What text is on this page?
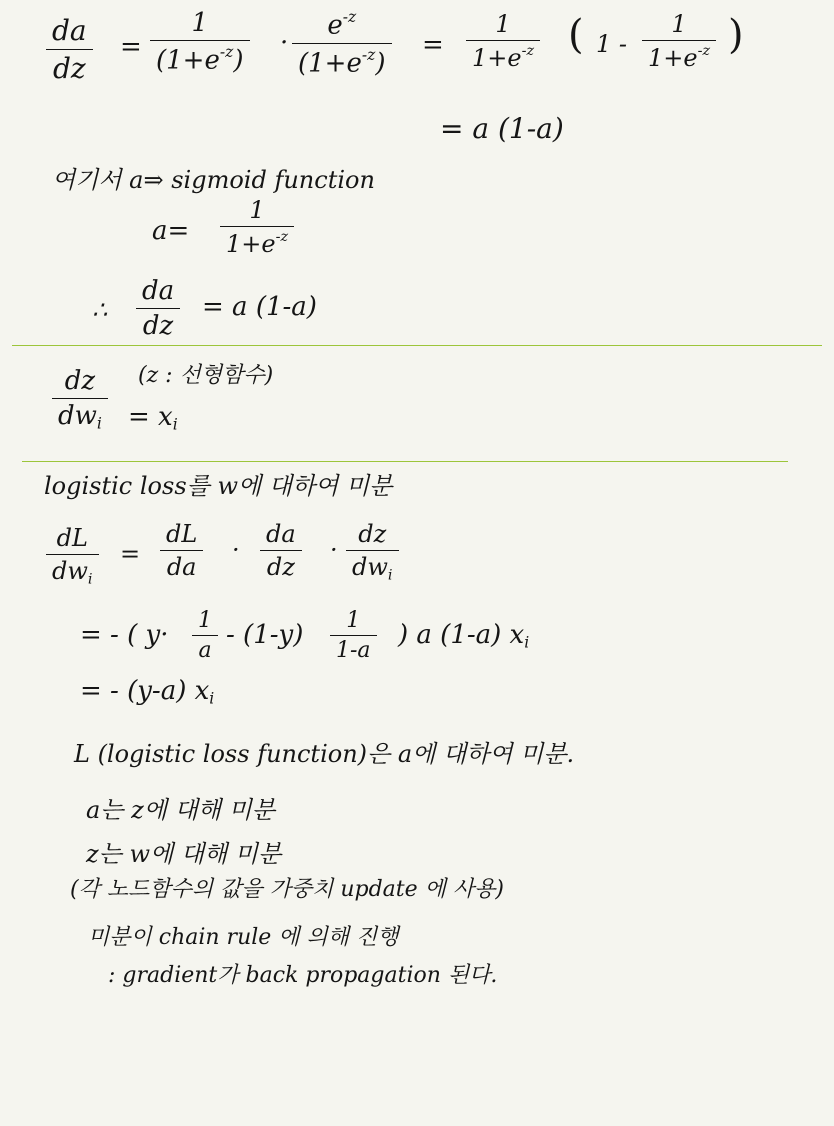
da
dz
=
1
$(1+e^{-z})$
·
$e^{-z}$
$(1+e^{-z})$
=
1
$1+e^{-z}$ ( 1 -
1
$1+e^{-z}$ )
= a (1-a)
여기서 a⇒ sigmoid function
a=
1
$1+e^{-z}$
∴
da
dz
= a (1-a)
(z : 선형함수)
dz
$dw_i = x_i$
logistic loss를 w에 대하여 미분
dL
$dw_i$
=
dL
da
·
da
dz
·
dz
$dw_i$
= - ( y· 1
a
- (1-y) 1
1-a
) a (1-a) $x_i$
= - (y-a) $x_i$
L (logistic loss function)은 a에 대하여 미분.
a는 z에 대해 미분
z는 w에 대해 미분
(각 노드함수의 값을 가중치 update 에 사용)
미분이 chain rule 에 의해 진행
: gradient가 back propagation 된다.
